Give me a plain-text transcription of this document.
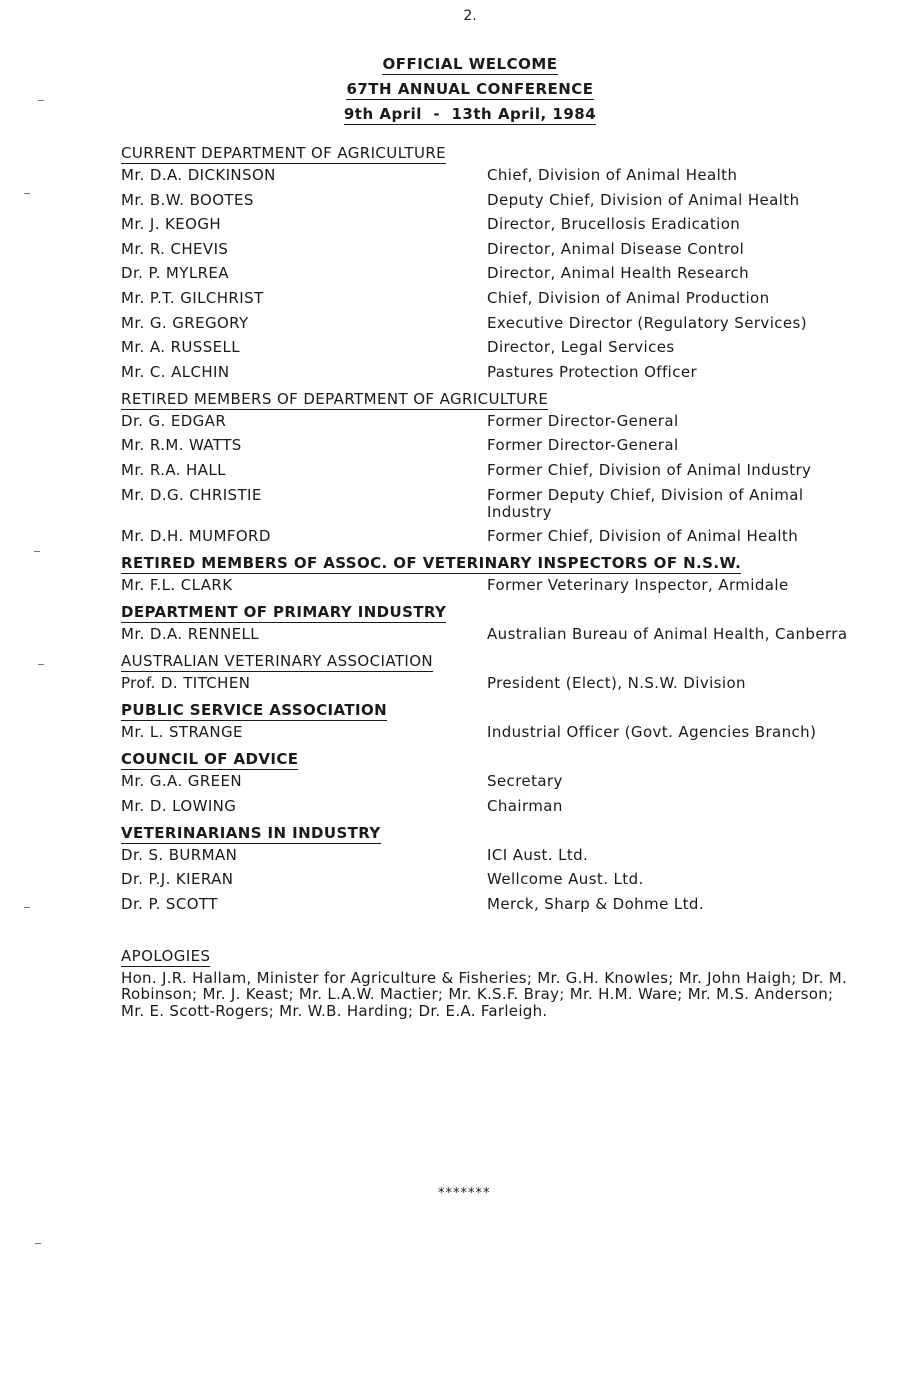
2.
OFFICIAL WELCOME
67TH ANNUAL CONFERENCE
9th April  -  13th April, 1984
CURRENT DEPARTMENT OF AGRICULTURE
Mr. D.A. DICKINSON	Chief, Division of Animal Health
Mr. B.W. BOOTES	Deputy Chief, Division of Animal Health
Mr. J. KEOGH	Director, Brucellosis Eradication
Mr. R. CHEVIS	Director, Animal Disease Control
Dr. P. MYLREA	Director, Animal Health Research
Mr. P.T. GILCHRIST	Chief, Division of Animal Production
Mr. G. GREGORY	Executive Director (Regulatory Services)
Mr. A. RUSSELL	Director, Legal Services
Mr. C. ALCHIN	Pastures Protection Officer
RETIRED MEMBERS OF DEPARTMENT OF AGRICULTURE
Dr. G. EDGAR	Former Director-General
Mr. R.M. WATTS	Former Director-General
Mr. R.A. HALL	Former Chief, Division of Animal Industry
Mr. D.G. CHRISTIE	Former Deputy Chief, Division of Animal Industry
Mr. D.H. MUMFORD	Former Chief, Division of Animal Health
RETIRED MEMBERS OF ASSOC. OF VETERINARY INSPECTORS OF N.S.W.
Mr. F.L. CLARK	Former Veterinary Inspector, Armidale
DEPARTMENT OF PRIMARY INDUSTRY
Mr. D.A. RENNELL	Australian Bureau of Animal Health, Canberra
AUSTRALIAN VETERINARY ASSOCIATION
Prof. D. TITCHEN	President (Elect), N.S.W. Division
PUBLIC SERVICE ASSOCIATION
Mr. L. STRANGE	Industrial Officer (Govt. Agencies Branch)
COUNCIL OF ADVICE
Mr. G.A. GREEN	Secretary
Mr. D. LOWING	Chairman
VETERINARIANS IN INDUSTRY
Dr. S. BURMAN	ICI Aust. Ltd.
Dr. P.J. KIERAN	Wellcome Aust. Ltd.
Dr. P. SCOTT	Merck, Sharp & Dohme Ltd.
APOLOGIES
Hon. J.R. Hallam, Minister for Agriculture & Fisheries; Mr. G.H. Knowles; Mr. John Haigh; Dr. M. Robinson; Mr. J. Keast; Mr. L.A.W. Mactier; Mr. K.S.F. Bray; Mr. H.M. Ware; Mr. M.S. Anderson; Mr. E. Scott-Rogers; Mr. W.B. Harding; Dr. E.A. Farleigh.
*******
